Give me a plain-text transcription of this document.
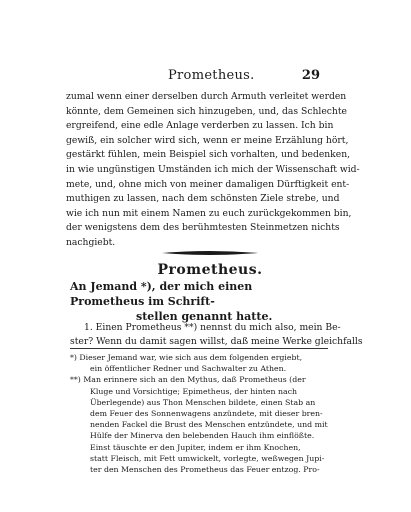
Prometheus.	29
zumal wenn einer derselben durch Armuth verleitet werden
könnte, dem Gemeinen sich hinzugeben, und, das Schlechte
ergreifend, eine edle Anlage verderben zu lassen. Ich bin
gewiß, ein solcher wird sich, wenn er meine Erzählung hört,
gestärkt fühlen, mein Beispiel sich vorhalten, und bedenken,
in wie ungünstigen Umständen ich mich der Wissenschaft wid-
mete, und, ohne mich von meiner damaligen Dürftigkeit ent-
muthigen zu lassen, nach dem schönsten Ziele strebe, und
wie ich nun mit einem Namen zu euch zurückgekommen bin,
der wenigstens dem des berühmtesten Steinmetzen nichts
nachgiebt.
Prometheus.
An Jemand *), der mich einen Prometheus im Schrift-
stellen genannt hatte.
1. Einen Prometheus **) nennst du mich also, mein Be-
ster? Wenn du damit sagen willst, daß meine Werke gleichfalls
*) Dieser Jemand war, wie sich aus dem folgenden ergiebt,
ein öffentlicher Redner und Sachwalter zu Athen.
**) Man erinnere sich an den Mythus, daß Prometheus (der
Kluge und Vorsichtige; Epimetheus, der hinten nach
Überlegende) aus Thon Menschen bildete, einen Stab an
dem Feuer des Sonnenwagens anzündete, mit dieser bren-
nenden Fackel die Brust des Menschen entzündete, und mit
Hülfe der Minerva den belebenden Hauch ihm einflößte.
Einst täuschte er den Jupiter, indem er ihm Knochen,
statt Fleisch, mit Fett umwickelt, vorlegte, weßwegen Jupi-
ter den Menschen des Prometheus das Feuer entzog. Pro-
